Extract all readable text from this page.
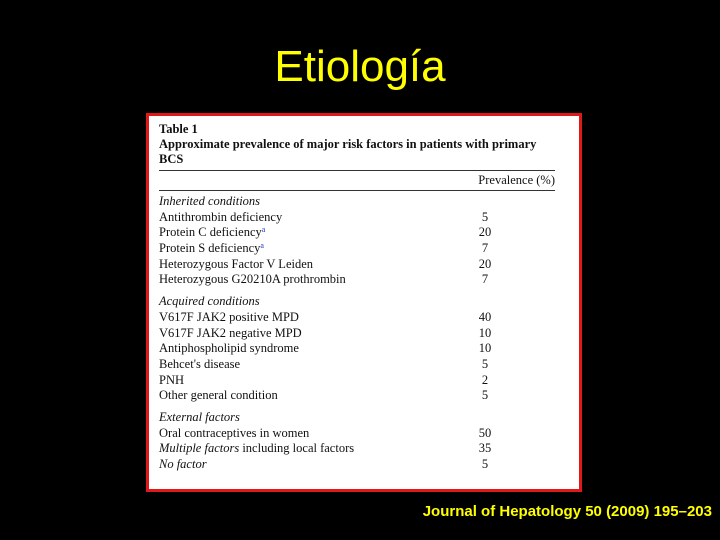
Etiología
Table 1
Approximate prevalence of major risk factors in patients with primary BCS
Prevalence (%)
Inherited conditions
Antithrombin deficiency	5
Protein C deficiency$^a$	20
Protein S deficiency$^a$	7
Heterozygous Factor V Leiden	20
Heterozygous G20210A prothrombin	7
Acquired conditions
V617F JAK2 positive MPD	40
V617F JAK2 negative MPD	10
Antiphospholipid syndrome	10
Behcet's disease	5
PNH	2
Other general condition	5
External factors
Oral contraceptives in women	50
Multiple factors including local factors	35
No factor	5

Journal of Hepatology 50 (2009) 195–203
